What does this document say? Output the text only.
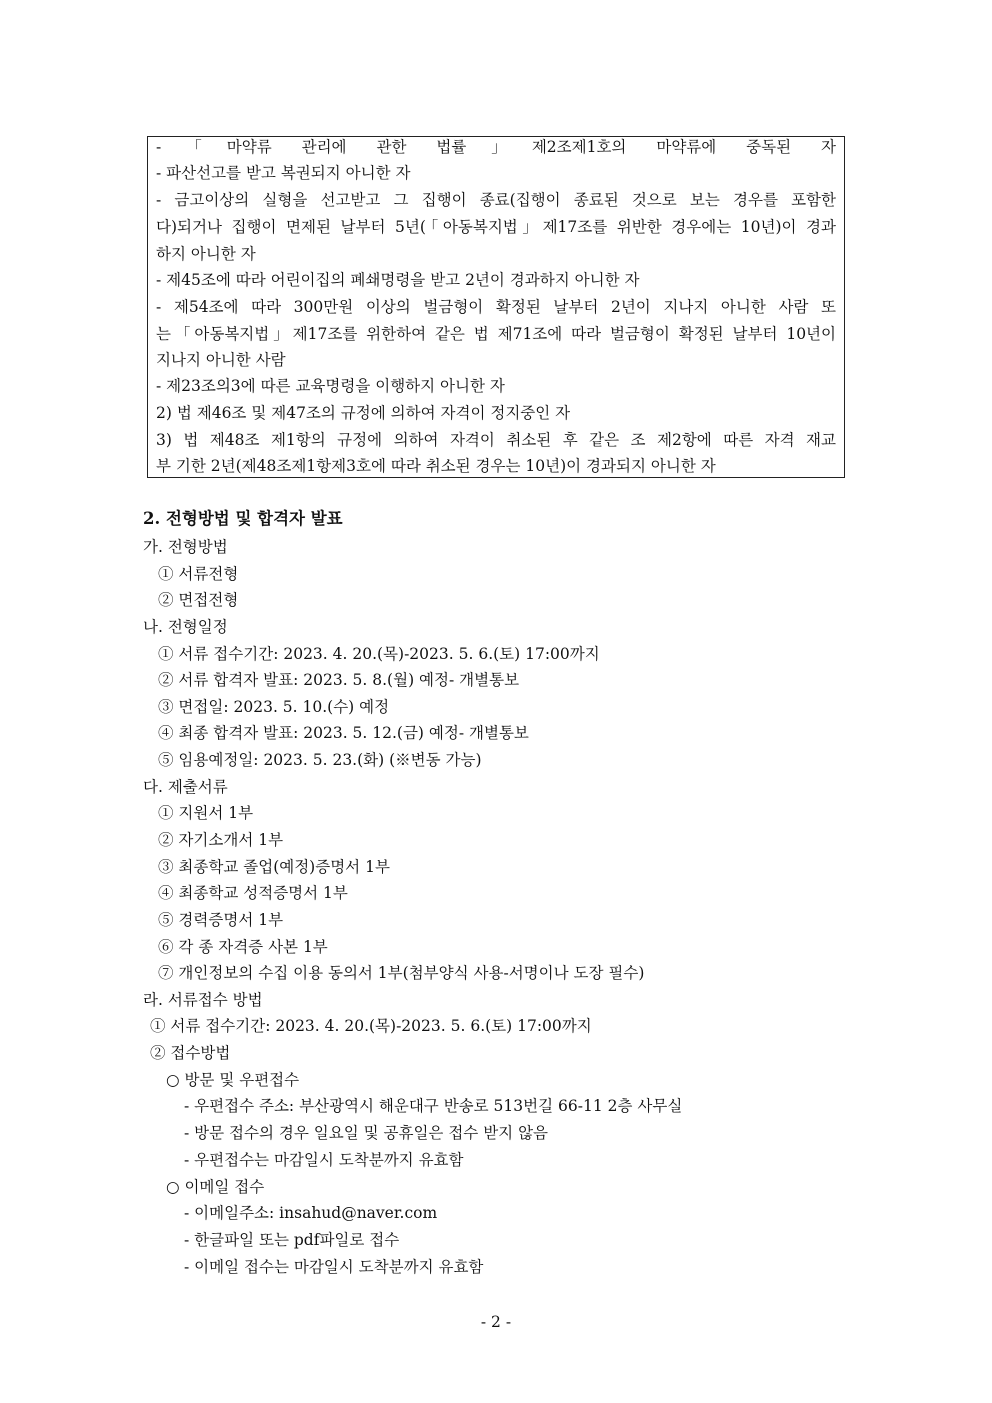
-「마약류 관리에 관한 법률」제2조제1호의 마약류에 중독된 자
- 파산선고를 받고 복권되지 아니한 자
- 금고이상의 실형을 선고받고 그 집행이 종료(집행이 종료된 것으로 보는 경우를 포함한
다)되거나 집행이 면제된 날부터 5년(「아동복지법」제17조를 위반한 경우에는 10년)이 경과
하지 아니한 자
- 제45조에 따라 어린이집의 폐쇄명령을 받고 2년이 경과하지 아니한 자
- 제54조에 따라 300만원 이상의 벌금형이 확정된 날부터 2년이 지나지 아니한 사람 또
는「아동복지법」제17조를 위한하여 같은 법 제71조에 따라 벌금형이 확정된 날부터 10년이
지나지 아니한 사람
- 제23조의3에 따른 교육명령을 이행하지 아니한 자
2) 법 제46조 및 제47조의 규정에 의하여 자격이 정지중인 자
3) 법 제48조 제1항의 규정에 의하여 자격이 취소된 후 같은 조 제2항에 따른 자격 재교
부 기한 2년(제48조제1항제3호에 따라 취소된 경우는 10년)이 경과되지 아니한 자
2. 전형방법 및 합격자 발표
가. 전형방법
① 서류전형
② 면접전형
나. 전형일정
① 서류 접수기간: 2023. 4. 20.(목)-2023. 5. 6.(토) 17:00까지
② 서류 합격자 발표: 2023. 5. 8.(월) 예정- 개별통보
③ 면접일: 2023. 5. 10.(수) 예정
④ 최종 합격자 발표: 2023. 5. 12.(금) 예정- 개별통보
⑤ 임용예정일: 2023. 5. 23.(화) (※변동 가능)
다. 제출서류
① 지원서 1부
② 자기소개서 1부
③ 최종학교 졸업(예정)증명서 1부
④ 최종학교 성적증명서 1부
⑤ 경력증명서 1부
⑥ 각 종 자격증 사본 1부
⑦ 개인정보의 수집 이용 동의서 1부(첨부양식 사용-서명이나 도장 필수)
라. 서류접수 방법
① 서류 접수기간: 2023. 4. 20.(목)-2023. 5. 6.(토) 17:00까지
② 접수방법
○ 방문 및 우편접수
- 우편접수 주소: 부산광역시 해운대구 반송로 513번길 66-11 2층 사무실
- 방문 접수의 경우 일요일 및 공휴일은 접수 받지 않음
- 우편접수는 마감일시 도착분까지 유효함
○ 이메일 접수
- 이메일주소: insahud@naver.com
- 한글파일 또는 pdf파일로 접수
- 이메일 접수는 마감일시 도착분까지 유효함
- 2 -
